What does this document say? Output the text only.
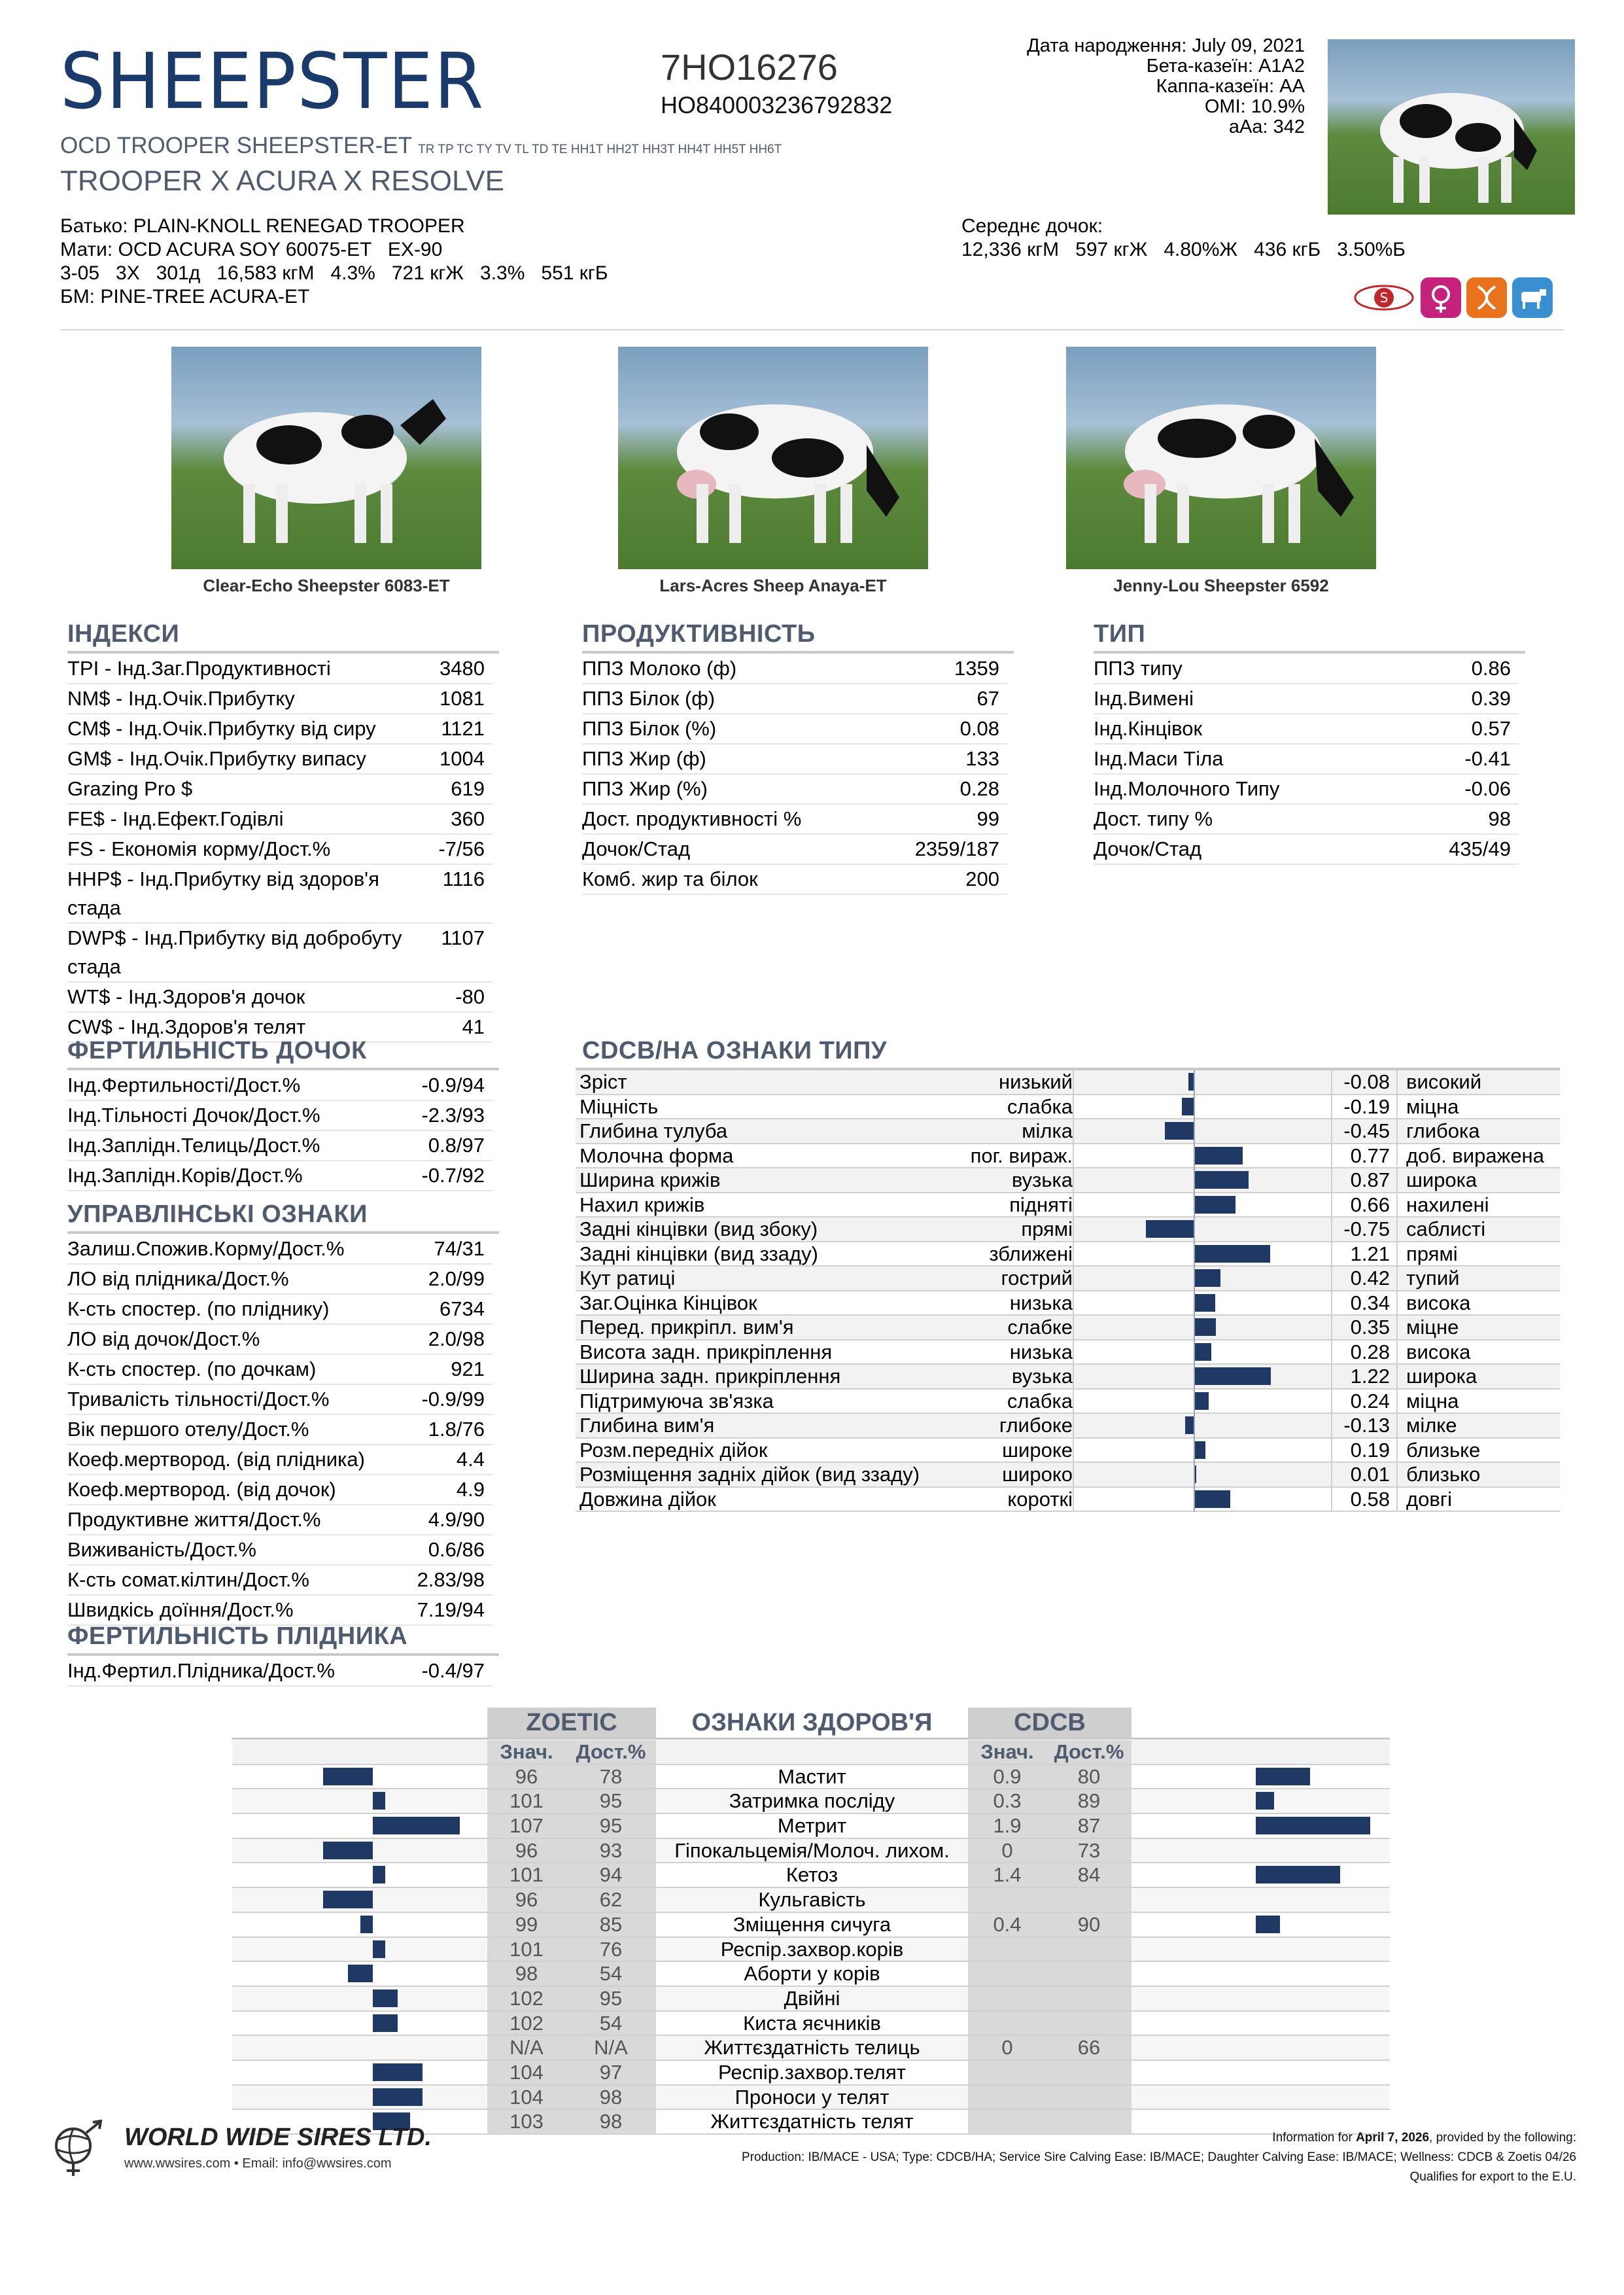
SHEEPSTER	7HO16276
HO840003236792832
OCD TROOPER SHEEPSTER-ET TR TP TC TY TV TL TD TE HH1T HH2T HH3T HH4T HH5T HH6T
TROOPER X ACURA X RESOLVE
Дата народження: July 09, 2021
Бета-казеїн: A1A2
Каппа-казеїн: AA
OMI: 10.9%
aAa: 342
Батько: PLAIN-KNOLL RENEGAD TROOPER
Мати: OCD ACURA SOY 60075-ET   EX-90
3-05   3X   301д   16,583 кгМ   4.3%   721 кгЖ   3.3%   551 кгБ
БМ: PINE-TREE ACURA-ET
Середнє дочок:
12,336 кгМ   597 кгЖ   4.80%Ж   436 кгБ   3.50%Б
S
Clear-Echo Sheepster 6083-ET	Lars-Acres Sheep Anaya-ET	Jenny-Lou Sheepster 6592
ІНДЕКСИ
TPI - Інд.Заг.Продуктивності	3480
NM$ - Інд.Очік.Прибутку	1081
CM$ - Інд.Очік.Прибутку від сиру	1121
GM$ - Інд.Очік.Прибутку випасу	1004
Grazing Pro $	619
FE$ - Інд.Ефект.Годівлі	360
FS - Економія корму/Дост.%	-7/56
HHP$ - Інд.Прибутку від здоров'я стада
1116
DWP$ - Інд.Прибутку від добробуту стада
1107
WT$ - Інд.Здоров'я дочок	-80
CW$ - Інд.Здоров'я телят	41
ПРОДУКТИВНІСТЬ
ППЗ Молоко (ф)	1359
ППЗ Білок (ф)	67
ППЗ Білок (%)	0.08
ППЗ Жир (ф)	133
ППЗ Жир (%)	0.28
Дост. продуктивності %	99
Дочок/Стад	2359/187
Комб. жир та білок	200
ТИП
ППЗ типу	0.86
Інд.Вимені	0.39
Інд.Кінцівок	0.57
Інд.Маси Тіла	-0.41
Інд.Молочного Типу	-0.06
Дост. типу %	98
Дочок/Стад	435/49
ФЕРТИЛЬНІСТЬ ДОЧОК
Інд.Фертильності/Дост.%	-0.9/94
Інд.Тільності Дочок/Дост.%	-2.3/93
Інд.Заплідн.Телиць/Дост.%	0.8/97
Інд.Заплідн.Корів/Дост.%	-0.7/92
УПРАВЛІНСЬКІ ОЗНАКИ
Залиш.Спожив.Корму/Дост.%	74/31
ЛО від плідника/Дост.%	2.0/99
К-сть спостер. (по плiднику)	6734
ЛО від дочок/Дост.%	2.0/98
К-сть спостер. (по дочкам)	921
Тривалість тільності/Дост.%	-0.9/99
Вік першого отелу/Дост.%	1.8/76
Коеф.мертвород. (від плідника)	4.4
Коеф.мертвород. (від дочок)	4.9
Продуктивне життя/Дост.%	4.9/90
Виживаність/Дост.%	0.6/86
К-сть сомат.кілтин/Дост.%	2.83/98
Швидкісь доїння/Дост.%	7.19/94
ФЕРТИЛЬНІСТЬ ПЛІДНИКА
Інд.Фертил.Плідника/Дост.%	-0.4/97
CDCB/НА ОЗНАКИ ТИПУ
Зріст	низький	-0.08 високий
Міцність	слабка	-0.19 міцна
Глибина тулуба	мілка	-0.45 глибока
Молочна форма	пог. вираж.	0.77 доб. виражена
Ширина крижів	вузька	0.87 широка
Нахил крижів	підняті	0.66 нахилені
Задні кінцівки (вид збоку)	прямі	-0.75 саблисті
Задні кінцівки (вид ззаду)	зближені	1.21 прямі
Кут ратиці	гострий	0.42 тупий
Заг.Оцінка Кінцівок	низька	0.34 висока
Перед. прикріпл. вим'я	слабке	0.35 міцне
Висота задн. прикріплення	низька	0.28 висока
Ширина задн. прикріплення	вузька	1.22 широка
Підтримуюча зв'язка	слабка	0.24 міцна
Глибина вим'я	глибоке	-0.13 мілке
Розм.передніх дійок	широке	0.19 близьке
Розміщення задніх дійок (вид ззаду)	широко	0.01 близько
Довжина дійок	короткі	0.58 довгі
ZOETIC	ОЗНАКИ ЗДОРОВ'Я	CDCB
Знач.	Дост.%	Знач. Дост.%
96	78	Мастит	0.9	80
101	95	Затримка посліду	0.3	89
107	95	Метрит	1.9	87
96	93	Гіпокальцемія/Молоч. лихом.	0	73
101	94	Кетоз	1.4	84
96	62	Кульгавість
99	85	Зміщення сичуга	0.4	90
101	76	Респір.захвор.корів
98	54	Аборти у корів
102	95	Двійні
102	54	Киста яєчників
N/A	N/A	Життєздатність телиць	0	66
104	97	Респір.захвор.телят
104	98	Проноси у телят
103	98	Життєздатність телят
WORLD WIDE SIRES LTD.
www.wwsires.com • Email: info@wwsires.com
Information for April 7, 2026, provided by the following:
Production: IB/MACE - USA; Type: CDCB/HA; Service Sire Calving Ease: IB/MACE; Daughter Calving Ease: IB/MACE; Wellness: CDCB & Zoetis 04/26
Qualifies for export to the E.U.
